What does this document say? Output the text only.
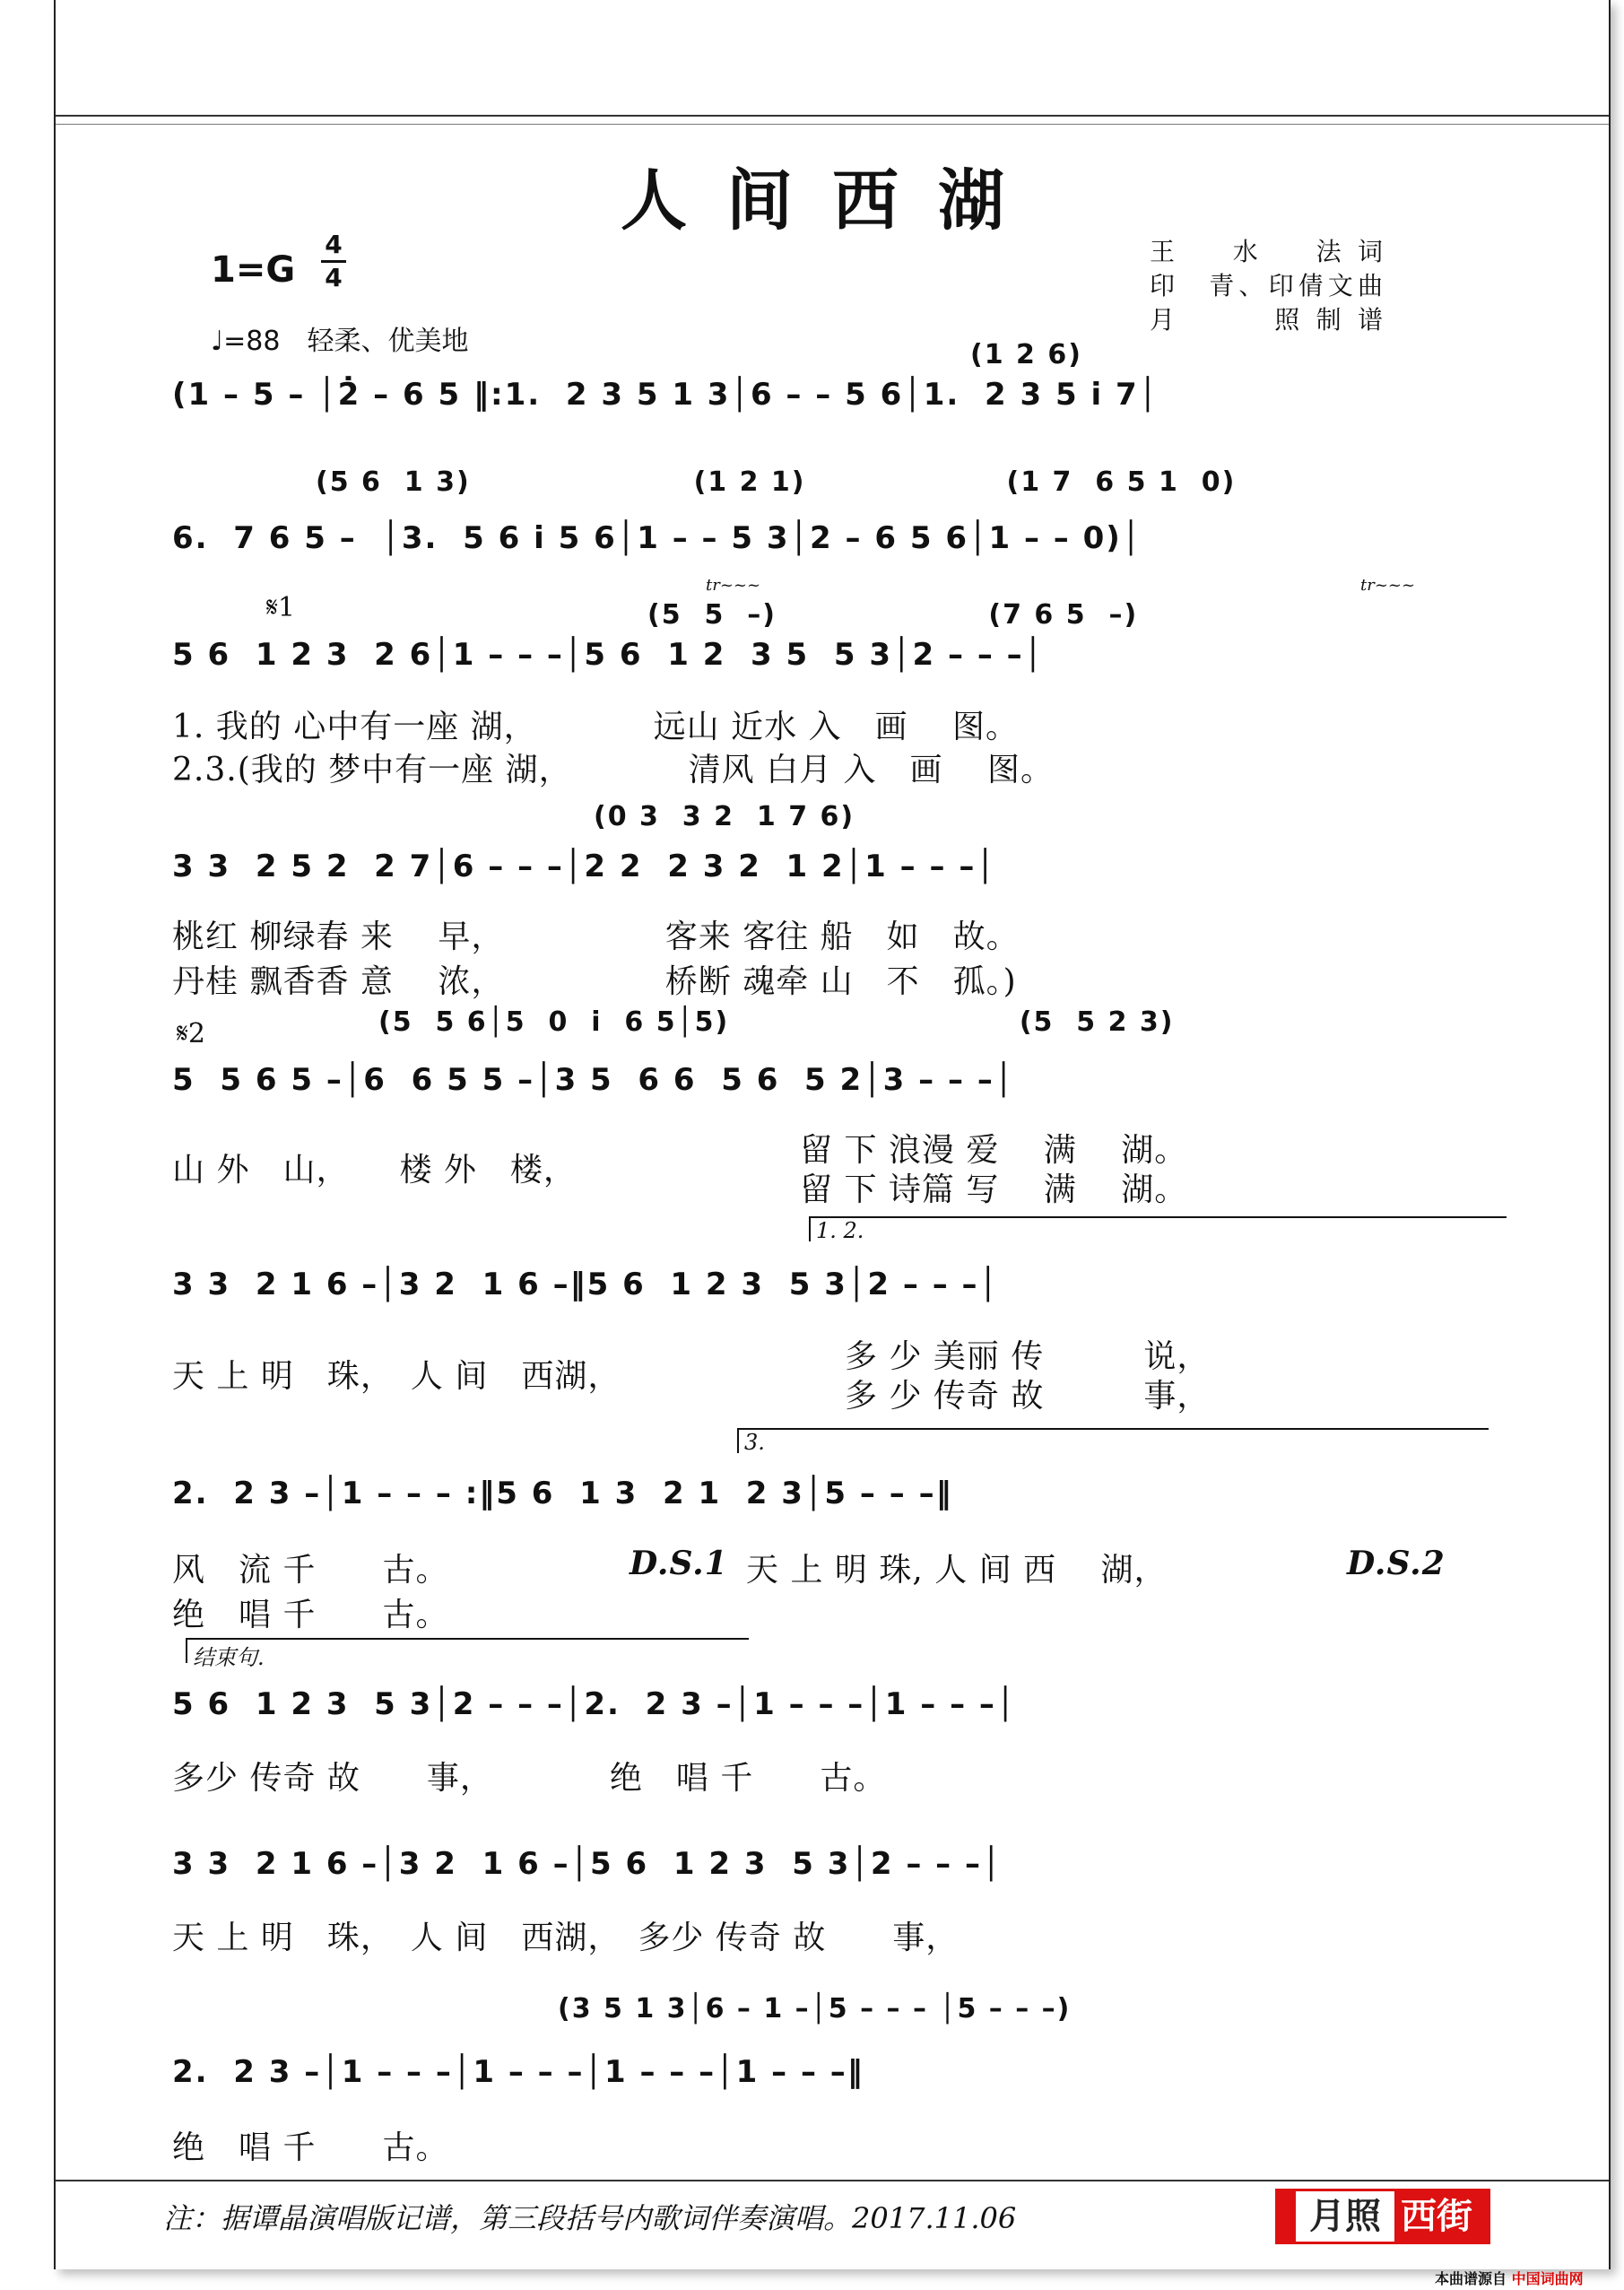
人间西湖
1=G
4
4
♩=88　轻柔、优美地
王　水　法词
印　青、印倩文曲
月　　照制谱
(1 – 5 – │2̇ – 6 5 ‖:1.  2 3 5 1 3│6 – – 5 6│1.  2 3 5 i 7│
(1 2 6)
(5 6  1 3)                    (1 2 1)                  (1 7  6 5 1  0)
6.  7 6 5 –  │3.  5 6 i 5 6│1 – – 5 3│2 – 6 5 6│1 – – 0)│
𝄋1
tr~~~	tr~~~
(5  5  –)                   (7 6 5  –)
5 6  1 2 3  2 6│1 – – –│5 6  1 2  3 5  5 3│2 – – –│
1. 我的 心中有一座 湖，　　　　远山 近水 入　画　 图。
2.3.(我的 梦中有一座 湖，　　　　清风 白月 入　画　 图。
(0 3  3 2  1 7 6)
3 3  2 5 2  2 7│6 – – –│2 2  2 3 2  1 2│1 – – –│
桃红 柳绿春 来　 早，　　　　　 客来 客往 船　如　故。
丹桂 飘香香 意　 浓，　　　　　 桥断 魂牵 山　不　孤。)
𝄋2	(5  5 6│5  0  i  6 5│5)                          (5  5 2 3)
5  5 6 5 –│6  6 5 5 –│3 5  6 6  5 6  5 2│3 – – –│
山 外　山，　　楼 外　楼，
留 下 浪漫 爱　 满　 湖。
留 下 诗篇 写　 满　 湖。
1. 2.
3 3  2 1 6 –│3 2  1 6 –‖5 6  1 2 3  5 3│2 – – –│
天 上 明　珠，　人 间　西湖，
多 少 美丽 传　　　说，
多 少 传奇 故　　　事，
3.
2.  2 3 –│1 – – – :‖5 6  1 3  2 1  2 3│5 – – –‖
风　流 千　　古。	D.S.1 天 上 明 珠, 人 间 西　 湖，	D.S.2
绝　唱 千　　古。
结束句.
5 6  1 2 3  5 3│2 – – –│2.  2 3 –│1 – – –│1 – – –│
多少 传奇 故　　事，　　　　绝　唱 千　　古。
3 3  2 1 6 –│3 2  1 6 –│5 6  1 2 3  5 3│2 – – –│
天 上 明　珠，　人 间　西湖，　多少 传奇 故　　事，
(3 5 1 3│6 – 1 –│5 – – – │5 – – –)
2.  2 3 –│1 – – –│1 – – –│1 – – –│1 – – –‖
绝　唱 千　　古。
注：据谭晶演唱版记谱，第三段括号内歌词伴奏演唱。2017.11.06	月照 西街
本曲谱源自 中国词曲网
